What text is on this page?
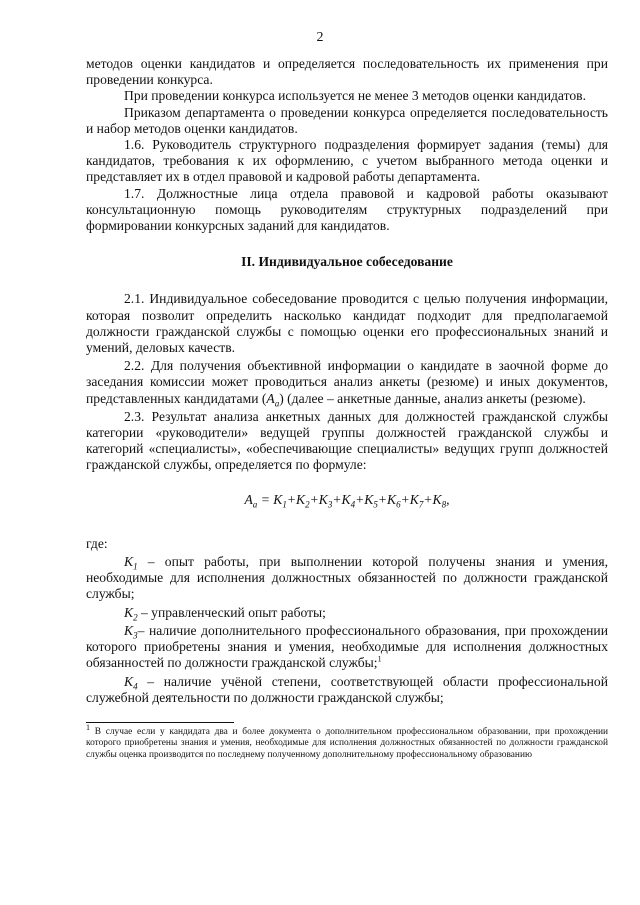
2

методов оценки кандидатов и определяется последовательность их применения при проведении конкурса.

При проведении конкурса используется не менее 3 методов оценки кандидатов.

Приказом департамента о проведении конкурса определяется последовательность и набор методов оценки кандидатов.

1.6. Руководитель структурного подразделения формирует задания (темы) для кандидатов, требования к их оформлению, с учетом выбранного метода оценки и представляет их в отдел правовой и кадровой работы департамента.

1.7. Должностные лица отдела правовой и кадровой работы оказывают консультационную помощь руководителям структурных подразделений при формировании конкурсных заданий для кандидатов.

II. Индивидуальное собеседование

2.1. Индивидуальное собеседование проводится с целью получения информации, которая позволит определить насколько кандидат подходит для предполагаемой должности гражданской службы с помощью оценки его профессиональных знаний и умений, деловых качеств.

2.2. Для получения объективной информации о кандидате в заочной форме до заседания комиссии может проводиться анализ анкеты (резюме) и иных документов, представленных кандидатами $(A_а)$ (далее – анкетные данные, анализ анкеты (резюме).

2.3. Результат анализа анкетных данных для должностей гражданской службы категории «руководители» ведущей группы должностей гражданской службы и категорий «специалисты», «обеспечивающие специалисты» ведущих групп должностей гражданской службы, определяется по формуле:

$A_а = K_1+K_2+K_3+K_4+K_5+K_6+K_7+K_8$,

где:

$K_1$ – опыт работы, при выполнении которой получены знания и умения, необходимые для исполнения должностных обязанностей по должности гражданской службы;

$K_2$ – управленческий опыт работы;

$K_3-$ наличие дополнительного профессионального образования, при прохождении которого приобретены знания и умения, необходимые для исполнения должностных обязанностей по должности гражданской службы;$^1$

$K_4$ – наличие учёной степени, соответствующей области профессиональной служебной деятельности по должности гражданской службы;

$^1$ В случае если у кандидата два и более документа о дополнительном профессиональном образовании, при прохождении которого приобретены знания и умения, необходимые для исполнения должностных обязанностей по должности гражданской службы оценка производится по последнему полученному дополнительному профессиональному образованию
